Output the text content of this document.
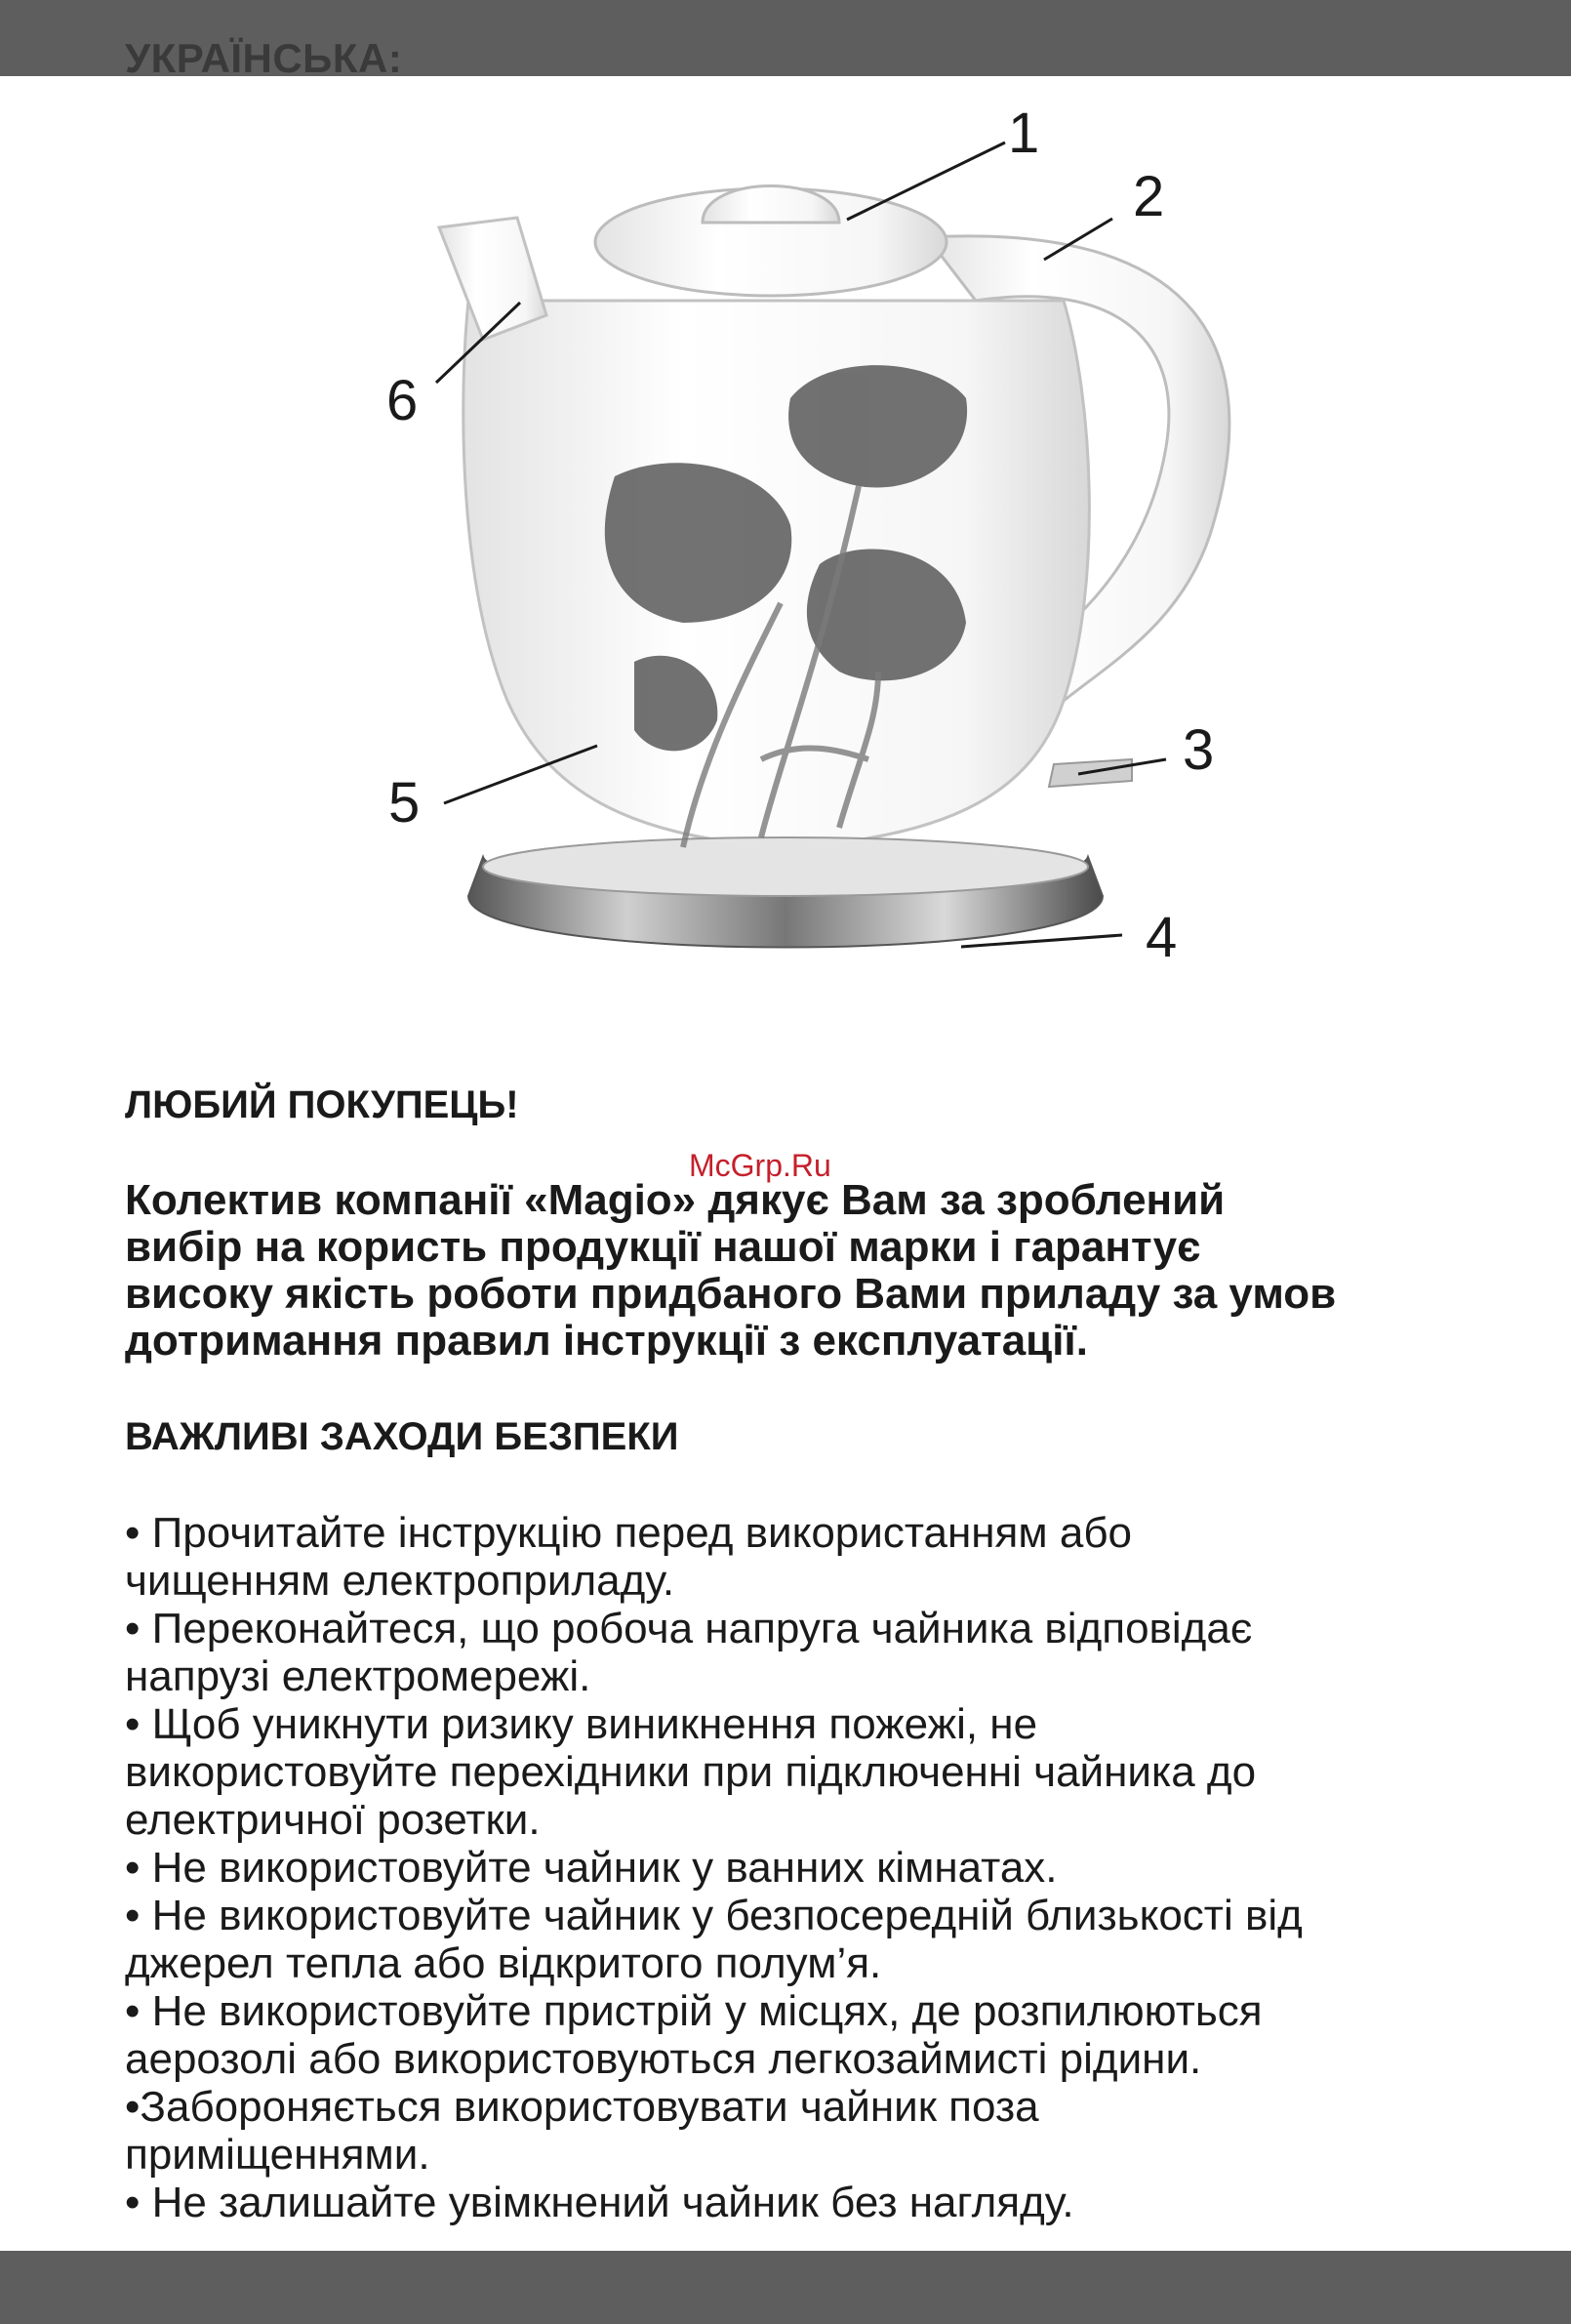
УКРАЇНСЬКА:
1
2
3
4
5
6
ЛЮБИЙ ПОКУПЕЦЬ!
McGrp.Ru
Колектив компанії «Magio» дякує Вам за зроблений
вибір на користь продукції нашої марки і гарантує
високу якість роботи придбаного Вами приладу за умов
дотримання правил інструкції з експлуатації.
ВАЖЛИВІ ЗАХОДИ БЕЗПЕКИ
• Прочитайте інструкцію перед використанням або
чищенням електроприладу.
• Переконайтеся, що робоча напруга чайника відповідає
напрузі електромережі.
• Щоб уникнути ризику виникнення пожежі, не
використовуйте перехідники при підключенні чайника до
електричної розетки.
• Не використовуйте чайник у ванних кімнатах.
• Не використовуйте чайник у безпосередній близькості від
джерел тепла або відкритого полум’я.
• Не використовуйте пристрій у місцях, де розпилюються
аерозолі або використовуються легкозаймисті рідини.
•Забороняється використовувати чайник поза
приміщеннями.
• Не залишайте увімкнений чайник без нагляду.
